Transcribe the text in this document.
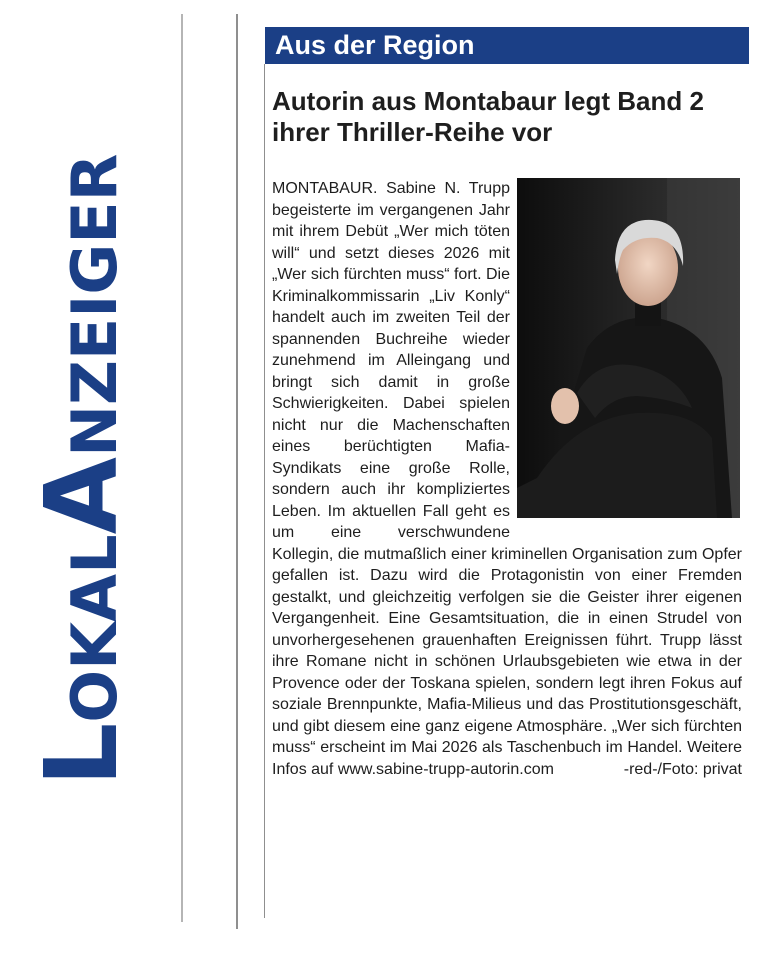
LOKALANZEIGER
Aus der Region
Autorin aus Montabaur legt Band 2 ihrer Thriller-Reihe vor
MONTABAUR. Sabine N. Trupp begeisterte im vergangenen Jahr mit ihrem Debüt „Wer mich töten will“ und setzt dieses 2026 mit „Wer sich fürchten muss“ fort. Die Kriminalkommissarin „Liv Konly“ handelt auch im zweiten Teil der spannenden Buchreihe wieder zunehmend im Alleingang und bringt sich damit in große Schwierigkeiten. Dabei spielen nicht nur die Machenschaften eines berüchtigten Mafia-Syndikats eine große Rolle, sondern auch ihr kompliziertes Leben. Im aktuellen Fall geht es um eine verschwundene Kollegin, die mutmaßlich einer kriminellen Organisation zum Opfer gefallen ist. Dazu wird die Protagonistin von einer Fremden gestalkt, und gleichzeitig verfolgen sie die Geister ihrer eigenen Vergangenheit. Eine Gesamtsituation, die in einen Strudel von unvorhergesehenen grauenhaften Ereignissen führt. Trupp lässt ihre Romane nicht in schönen Urlaubsgebieten wie etwa in der Provence oder der Toskana spielen, sondern legt ihren Fokus auf soziale Brennpunkte, Mafia-Milieus und das Prostitutionsgeschäft, und gibt diesem eine ganz eigene Atmosphäre. „Wer sich fürchten muss“ erscheint im Mai 2026 als Taschenbuch im Handel. Weitere Infos auf www.sabine-trupp-autorin.com	-red-/Foto: privat
